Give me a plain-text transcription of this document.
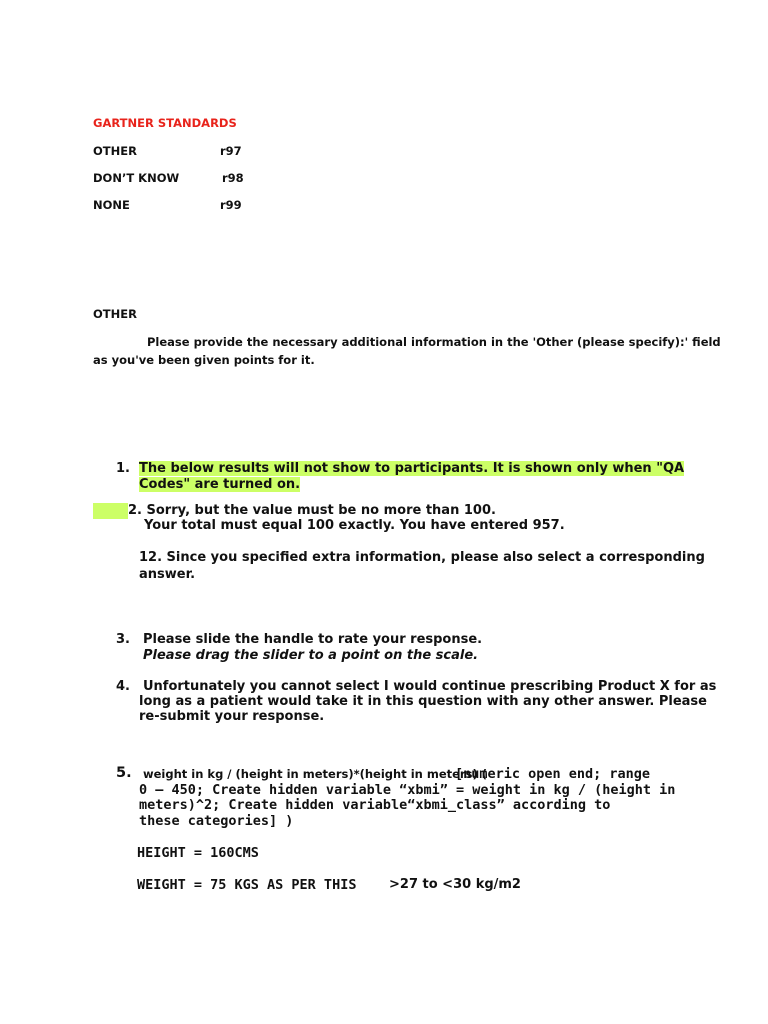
GARTNER STANDARDS
OTHER	r97
DON’T KNOW	r98
NONE	r99
OTHER
Please provide the necessary additional information in the 'Other (please specify):' field
as you've been given points for it.
1. The below results will not show to participants. It is shown only when "QA
Codes" are turned on.
2. Sorry, but the value must be no more than 100.
Your total must equal 100 exactly. You have entered 957.
12. Since you specified extra information, please also select a corresponding
answer.
3. Please slide the handle to rate your response.
Please drag the slider to a point on the scale.
4. Unfortunately you cannot select I would continue prescribing Product X for as
long as a patient would take it in this question with any other answer. Please
re-submit your response.
5. weight in kg / (height in meters)*(height in meters) (
[numeric open end; range
0 – 450; Create hidden variable “xbmi” = weight in kg / (height in
meters)^2; Create hidden variable“xbmi_class” according to
these categories] )
HEIGHT = 160CMS
WEIGHT = 75 KGS AS PER THIS	>27 to <30 kg/m2
